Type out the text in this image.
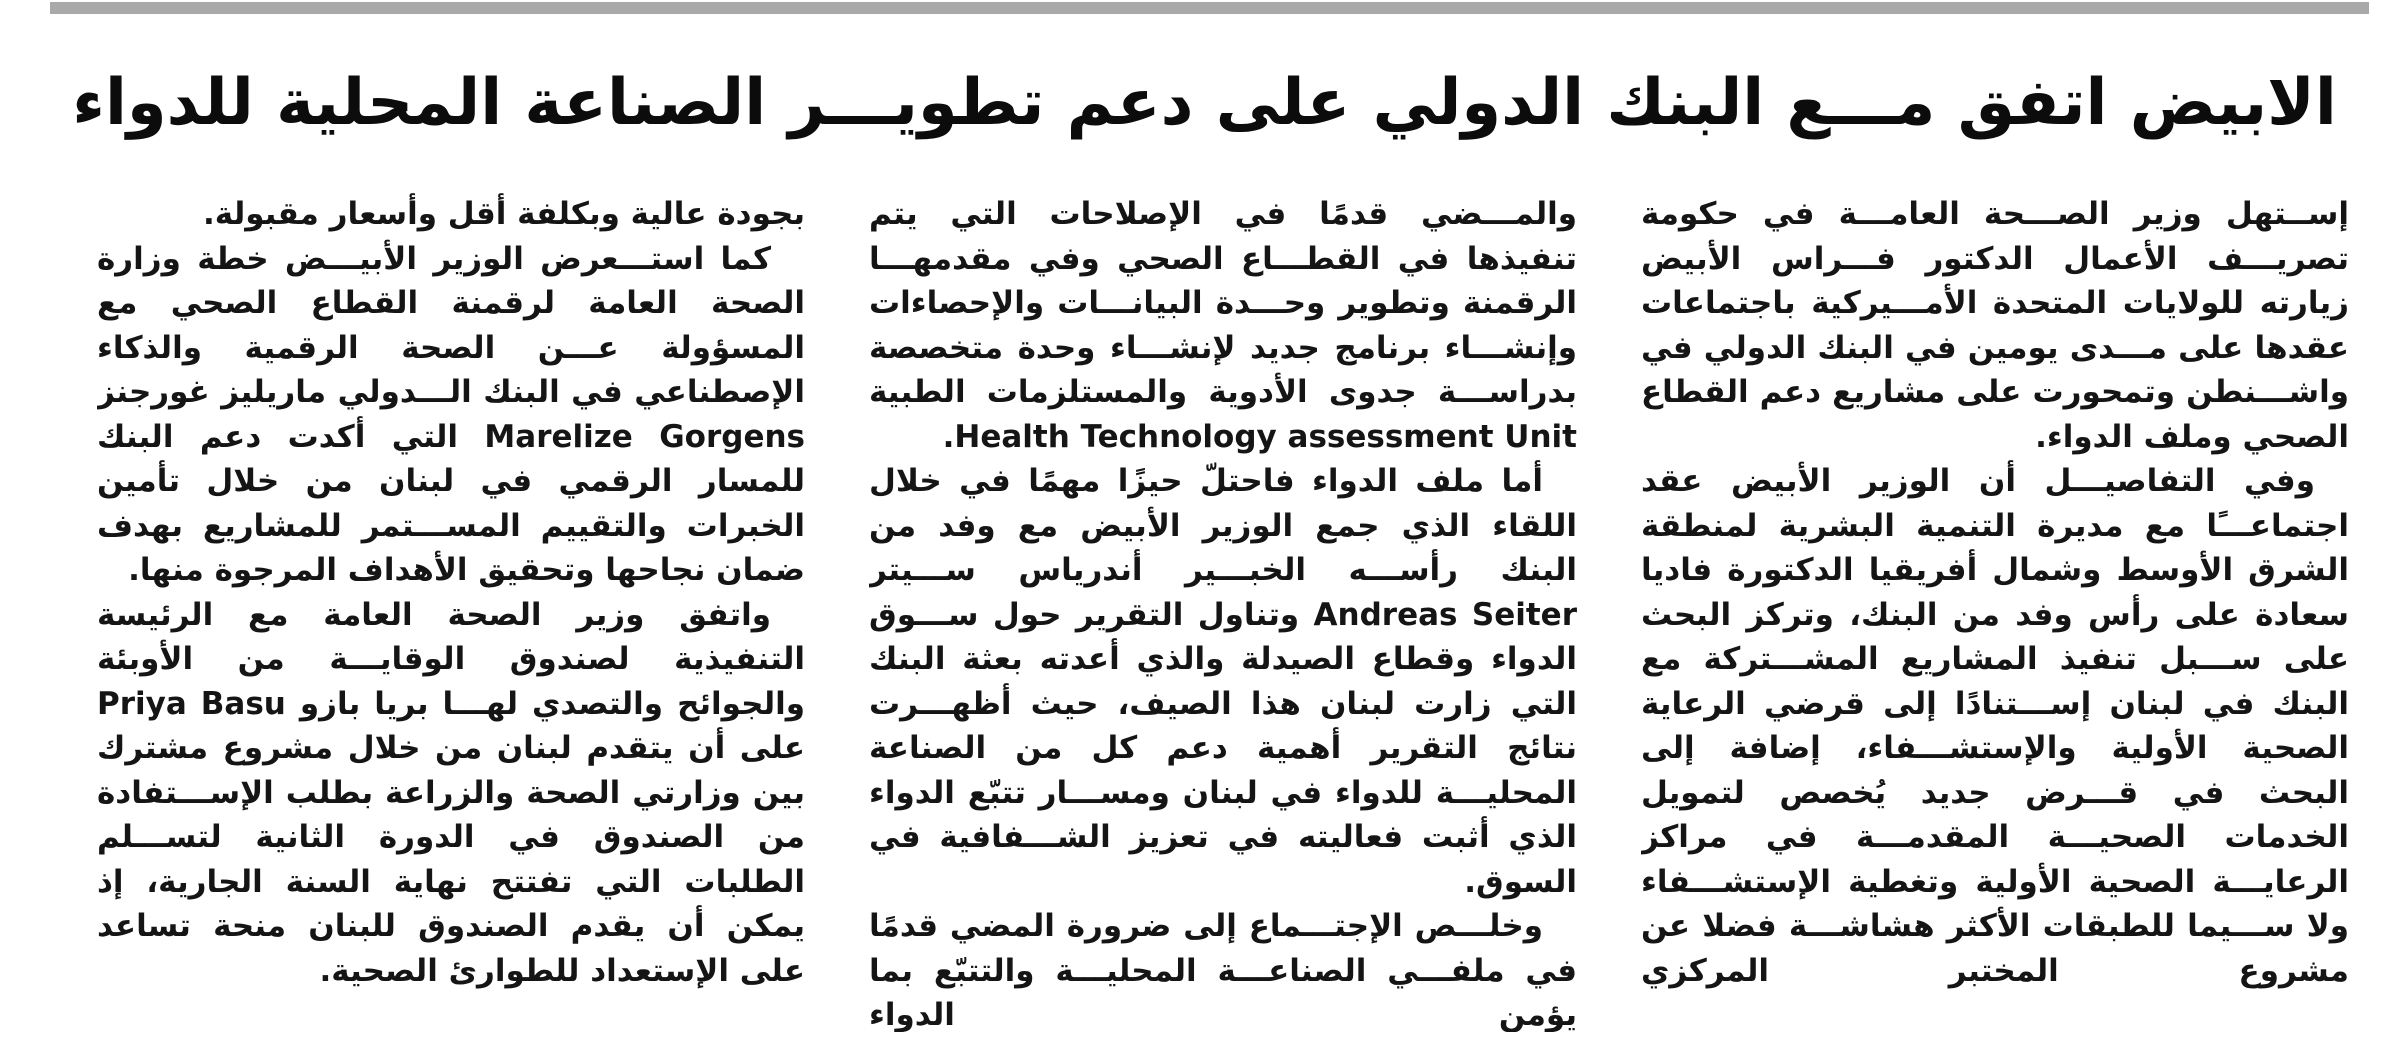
الابيض اتفق مـــع البنك الدولي على دعم تطويـــر الصناعة المحلية للدواء

إســتهل وزير الصـــحة العامـــة في حكومة تصريـــف الأعمال الدكتور فـــراس الأبيض زيارته للولايات المتحدة الأمـــيركية باجتماعات عقدها على مـــدى يومين في البنك الدولي في واشـــنطن وتمحورت على مشاريع دعم القطاع الصحي وملف الدواء.

وفي التفاصيـــل أن الوزير الأبيض عقد اجتماعـــًا مع مديرة التنمية البشرية لمنطقة الشرق الأوسط وشمال أفريقيا الدكتورة فاديا سعادة على رأس وفد من البنك، وتركز البحث على ســـبل تنفيذ المشاريع المشـــتركة مع البنك في لبنان إســـتنادًا إلى قرضي الرعاية الصحية الأولية والإستشـــفاء، إضافة إلى البحث في قـــرض جديد يُخصص لتمويل الخدمات الصحيـــة المقدمـــة في مراكز الرعايـــة الصحية الأولية وتغطية الإستشـــفاء ولا ســـيما للطبقات الأكثر هشاشـــة فضلا عن مشروع المختبر المركزي

والمـــضي قدمًا في الإصلاحات التي يتم تنفيذها في القطـــاع الصحي وفي مقدمهـــا الرقمنة وتطوير وحـــدة البيانـــات والإحصاءات وإنشـــاء برنامج جديد لإنشـــاء وحدة متخصصة بدراســـة جدوى الأدوية والمستلزمات الطبية Health Technology assessment Unit.

أما ملف الدواء فاحتلّ حيزًا مهمًا في خلال اللقاء الذي جمع الوزير الأبيض مع وفد من البنك رأســـه الخبـــير أندرياس ســـيتر Andreas Seiter وتناول التقرير حول ســـوق الدواء وقطاع الصيدلة والذي أعدته بعثة البنك التي زارت لبنان هذا الصيف، حيث أظهـــرت نتائج التقرير أهمية دعم كل من الصناعة المحليـــة للدواء في لبنان ومســـار تتبّع الدواء الذي أثبت فعاليته في تعزيز الشـــفافية في السوق.

وخلـــص الإجتـــماع إلى ضرورة المضي قدمًا في ملفـــي الصناعـــة المحليـــة والتتبّع بما يؤمن الدواء

بجودة عالية وبكلفة أقل وأسعار مقبولة.

كما استـــعرض الوزير الأبيـــض خطة وزارة الصحة العامة لرقمنة القطاع الصحي مع المسؤولة عـــن الصحة الرقمية والذكاء الإصطناعي في البنك الـــدولي ماريليز غورجنز Marelize Gorgens التي أكدت دعم البنك للمسار الرقمي في لبنان من خلال تأمين الخبرات والتقييم المســـتمر للمشاريع بهدف ضمان نجاحها وتحقيق الأهداف المرجوة منها.

واتفق وزير الصحة العامة مع الرئيسة التنفيذية لصندوق الوقايـــة من الأوبئة والجوائح والتصدي لهـــا بريا بازو Priya Basu على أن يتقدم لبنان من خلال مشروع مشترك بين وزارتي الصحة والزراعة بطلب الإســـتفادة من الصندوق في الدورة الثانية لتســـلم الطلبات التي تفتتح نهاية السنة الجارية، إذ يمكن أن يقدم الصندوق للبنان منحة تساعد على الإستعداد للطوارئ الصحية.
